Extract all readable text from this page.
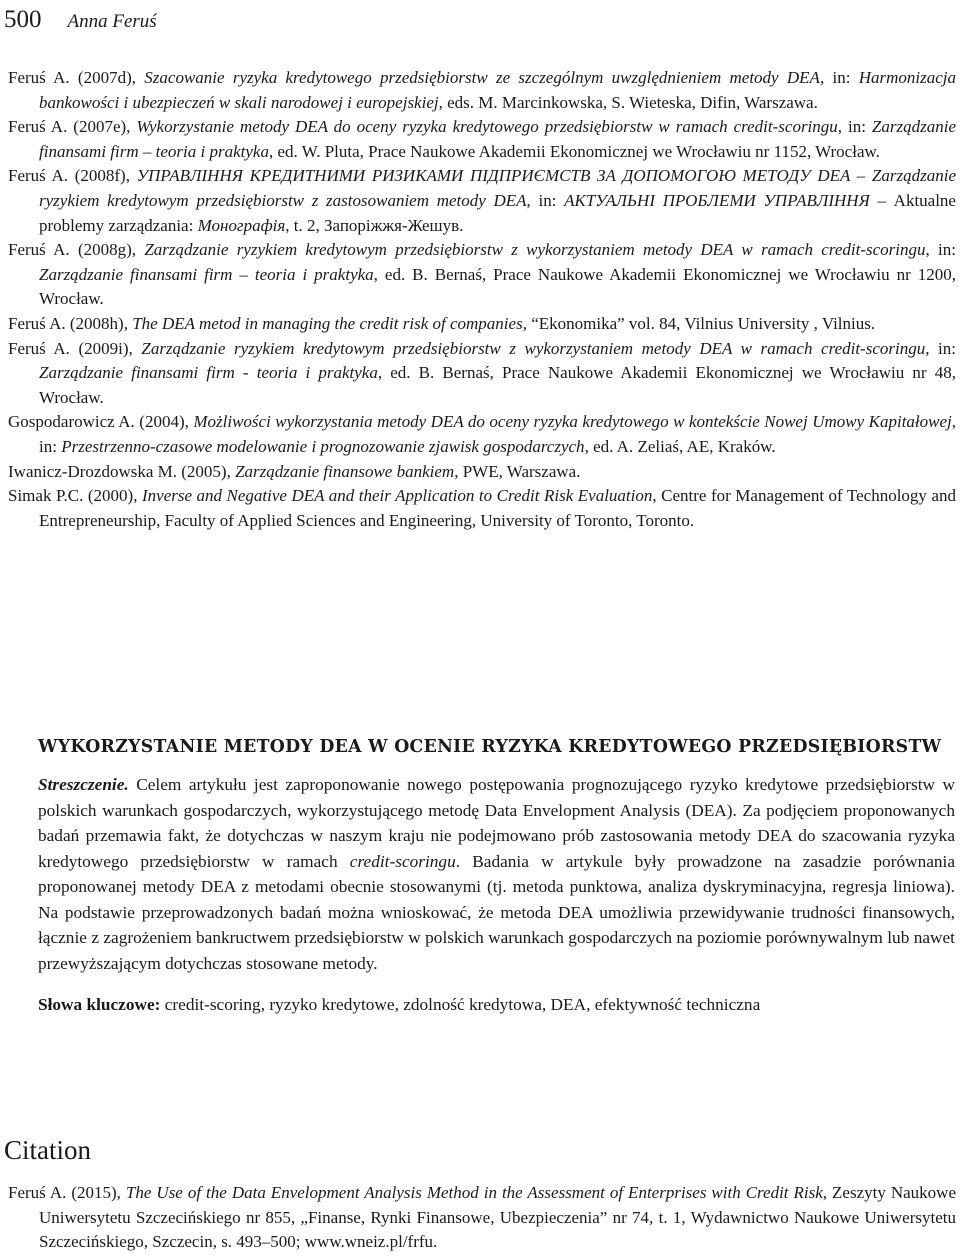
500 Anna Feruś

Feruś A. (2007d), Szacowanie ryzyka kredytowego przedsiębiorstw ze szczególnym uwzględnieniem metody DEA, in: Harmonizacja bankowości i ubezpieczeń w skali narodowej i europejskiej, eds. M. Marcinkowska, S. Wieteska, Difin, Warszawa.

Feruś A. (2007e), Wykorzystanie metody DEA do oceny ryzyka kredytowego przedsiębiorstw w ramach credit-scoringu, in: Zarządzanie finansami firm – teoria i praktyka, ed. W. Pluta, Prace Naukowe Akademii Ekonomicznej we Wrocławiu nr 1152, Wrocław.

Feruś A. (2008f), УПРАВЛІННЯ КРЕДИТНИМИ РИЗИКАМИ ПІДПРИЄМСТВ ЗА ДОПОМОГОЮ МЕТОДУ DEA – Zarządzanie ryzykiem kredytowym przedsiębiorstw z zastosowaniem metody DEA, in: АКТУАЛЬНІ ПРОБЛЕМИ УПРАВЛІННЯ – Aktualne problemy zarządzania: Монографія, t. 2, Запоріжжя-Жешув.

Feruś A. (2008g), Zarządzanie ryzykiem kredytowym przedsiębiorstw z wykorzystaniem metody DEA w ramach credit-scoringu, in: Zarządzanie finansami firm – teoria i praktyka, ed. B. Bernaś, Prace Naukowe Akademii Ekonomicznej we Wrocławiu nr 1200, Wrocław.

Feruś A. (2008h), The DEA metod in managing the credit risk of companies, “Ekonomika” vol. 84, Vilnius University , Vilnius.

Feruś A. (2009i), Zarządzanie ryzykiem kredytowym przedsiębiorstw z wykorzystaniem metody DEA w ramach credit-scoringu, in: Zarządzanie finansami firm - teoria i praktyka, ed. B. Bernaś, Prace Naukowe Akademii Ekonomicznej we Wrocławiu nr 48, Wrocław.

Gospodarowicz A. (2004), Możliwości wykorzystania metody DEA do oceny ryzyka kredytowego w kontekście Nowej Umowy Kapitałowej, in: Przestrzenno-czasowe modelowanie i prognozowanie zjawisk gospodarczych, ed. A. Zeliaś, AE, Kraków.

Iwanicz-Drozdowska M. (2005), Zarządzanie finansowe bankiem, PWE, Warszawa.

Simak P.C. (2000), Inverse and Negative DEA and their Application to Credit Risk Evaluation, Centre for Management of Technology and Entrepreneurship, Faculty of Applied Sciences and Engineering, University of Toronto, Toronto.

WYKORZYSTANIE METODY DEA W OCENIE RYZYKA KREDYTOWEGO PRZEDSIĘBIORSTW

Streszczenie. Celem artykułu jest zaproponowanie nowego postępowania prognozującego ryzyko kredytowe przedsiębiorstw w polskich warunkach gospodarczych, wykorzystującego metodę Data Envelopment Analysis (DEA). Za podjęciem proponowanych badań przemawia fakt, że dotychczas w naszym kraju nie podejmowano prób zastosowania metody DEA do szacowania ryzyka kredytowego przedsiębiorstw w ramach credit-scoringu. Badania w artykule były prowadzone na zasadzie porównania proponowanej metody DEA z metodami obecnie stosowanymi (tj. metoda punktowa, analiza dyskryminacyjna, regresja liniowa). Na podstawie przeprowadzonych badań można wnioskować, że metoda DEA umożliwia przewidywanie trudności finansowych, łącznie z zagrożeniem bankructwem przedsiębiorstw w polskich warunkach gospodarczych na poziomie porównywalnym lub nawet przewyższającym dotychczas stosowane metody.

Słowa kluczowe: credit-scoring, ryzyko kredytowe, zdolność kredytowa, DEA, efektywność techniczna
Citation

Feruś A. (2015), The Use of the Data Envelopment Analysis Method in the Assessment of Enterprises with Credit Risk, Zeszyty Naukowe Uniwersytetu Szczecińskiego nr 855, „Finanse, Rynki Finansowe, Ubezpieczenia” nr 74, t. 1, Wydawnictwo Naukowe Uniwersytetu Szczecińskiego, Szczecin, s. 493–500; www.wneiz.pl/frfu.
